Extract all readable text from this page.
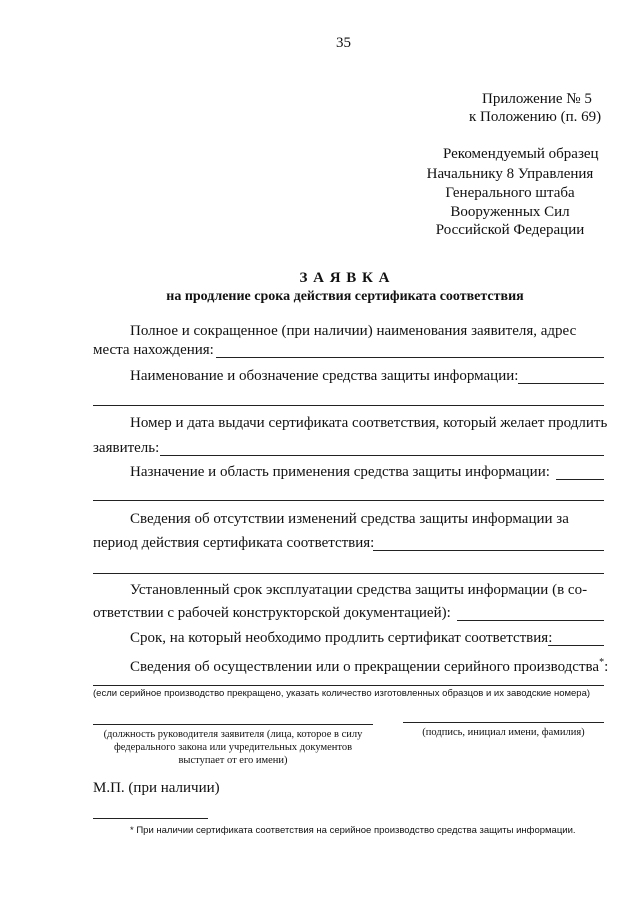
35
Приложение № 5
к Положению (п. 69)
Рекомендуемый образец
Начальнику 8 Управления
Генерального штаба
Вооруженных Сил
Российской Федерации
З А Я В К А
на продление срока действия сертификата соответствия
Полное и сокращенное (при наличии) наименования заявителя, адрес
места нахождения:
Наименование и обозначение средства защиты информации:
Номер и дата выдачи сертификата соответствия, который желает продлить
заявитель:
Назначение и область применения средства защиты информации:
Сведения об отсутствии изменений средства защиты информации за
период действия сертификата соответствия:
Установленный срок эксплуатации средства защиты информации (в со-
ответствии с рабочей конструкторской документацией):
Срок, на который необходимо продлить сертификат соответствия:
Сведения об осуществлении или о прекращении серийного производства*:
(если серийное производство прекращено, указать количество изготовленных образцов и их заводские номера)
(должность руководителя заявителя (лица, которое в силу
федерального закона или учредительных документов
выступает от его имени)
(подпись, инициал имени, фамилия)
М.П. (при наличии)
* При наличии сертификата соответствия на серийное производство средства защиты информации.
